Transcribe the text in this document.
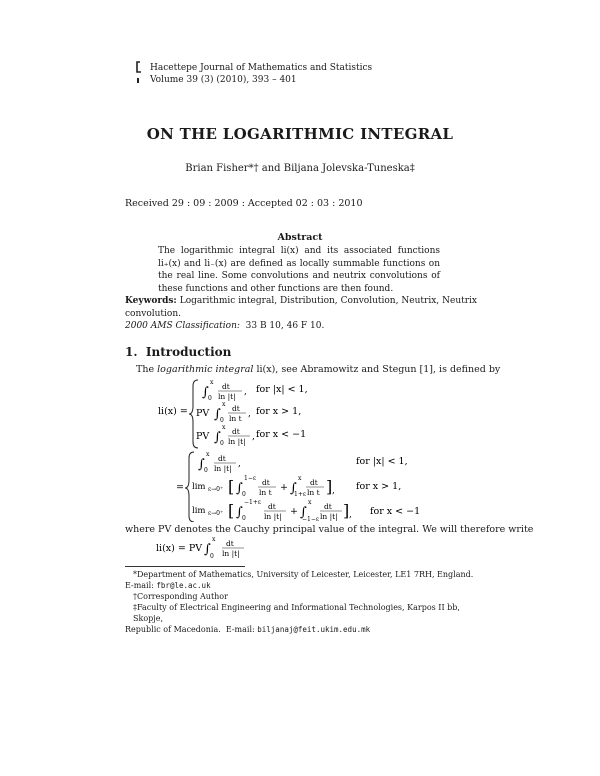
Hacettepe Journal of Mathematics and Statistics
Volume 39 (3) (2010), 393 – 401
ON THE LOGARITHMIC INTEGRAL
Brian Fisher*† and Biljana Jolevska-Tuneska‡
Received 29 : 09 : 2009 : Accepted 02 : 03 : 2010
Abstract
The logarithmic integral li(x) and its associated functions li₊(x) and li₋(x) are defined as locally summable functions on the real line. Some convolutions and neutrix convolutions of these functions and other functions are then found.
Keywords: Logarithmic integral, Distribution, Convolution, Neutrix, Neutrix convolution.
2000 AMS Classification: 33 B 10, 46 F 10.
1. Introduction
The logarithmic integral li(x), see Abramowitz and Stegun [1], is defined by
li(x) =
∫
x
0
dt
ln |t| , for |x| < 1,
PV ∫
x
0
dt
ln t , for x > 1,
PV ∫
x
0
dt
ln |t| , for x < −1
=
∫
x
0
dt
ln |t| ,	for |x| < 1,
lim ε→0⁺ [ ∫
1−ε
0
dt
ln t + ∫
x
1+ε
dt
ln t ] , for x > 1,
lim ε→0⁺ [ ∫
−1+ε
0
dt
ln |t| + ∫
x
−1−ε
dt
ln |t| ] , for x < −1
where PV denotes the Cauchy principal value of the integral. We will therefore write
li(x) = PV ∫
x
0
dt
ln |t|
*Department of Mathematics, University of Leicester, Leicester, LE1 7RH, England.
E-mail: fbr@le.ac.uk
†Corresponding Author
‡Faculty of Electrical Engineering and Informational Technologies, Karpos II bb, Skopje,
Republic of Macedonia. E-mail: biljanaj@feit.ukim.edu.mk
